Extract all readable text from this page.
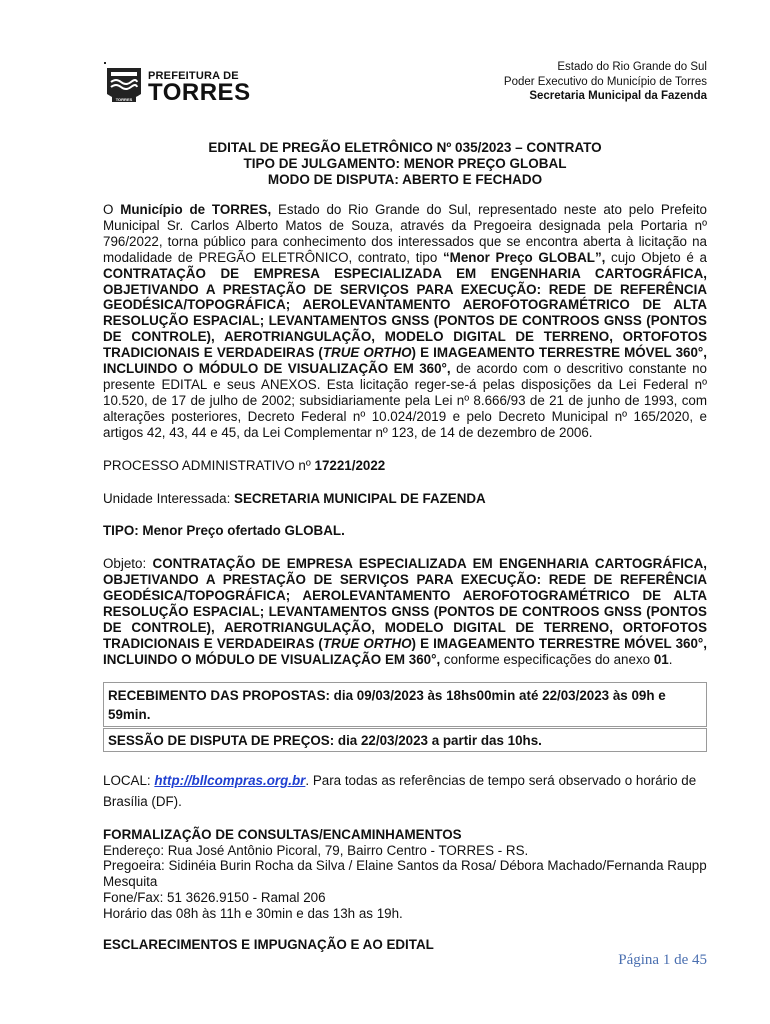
TORRES
PREFEITURA DE
TORRES
Estado do Rio Grande do Sul
Poder Executivo do Município de Torres
Secretaria Municipal da Fazenda
EDITAL DE PREGÃO ELETRÔNICO Nº 035/2023 – CONTRATO
TIPO DE JULGAMENTO: MENOR PREÇO GLOBAL
MODO DE DISPUTA: ABERTO E FECHADO

O Município de TORRES, Estado do Rio Grande do Sul, representado neste ato pelo Prefeito Municipal Sr. Carlos Alberto Matos de Souza, através da Pregoeira designada pela Portaria nº 796/2022, torna público para conhecimento dos interessados que se encontra aberta à licitação na modalidade de PREGÃO ELETRÔNICO, contrato, tipo “Menor Preço GLOBAL”, cujo Objeto é a CONTRATAÇÃO DE EMPRESA ESPECIALIZADA EM ENGENHARIA CARTOGRÁFICA, OBJETIVANDO A PRESTAÇÃO DE SERVIÇOS PARA EXECUÇÃO: REDE DE REFERÊNCIA GEODÉSICA/TOPOGRÁFICA; AEROLEVANTAMENTO AEROFOTOGRAMÉTRICO DE ALTA RESOLUÇÃO ESPACIAL; LEVANTAMENTOS GNSS (PONTOS DE CONTROOS GNSS (PONTOS DE CONTROLE), AEROTRIANGULAÇÃO, MODELO DIGITAL DE TERRENO, ORTOFOTOS TRADICIONAIS E VERDADEIRAS (TRUE ORTHO) E IMAGEAMENTO TERRESTRE MÓVEL 360°, INCLUINDO O MÓDULO DE VISUALIZAÇÃO EM 360°, de acordo com o descritivo constante no presente EDITAL e seus ANEXOS. Esta licitação reger-se-á pelas disposições da Lei Federal nº 10.520, de 17 de julho de 2002; subsidiariamente pela Lei nº 8.666/93 de 21 de junho de 1993, com alterações posteriores, Decreto Federal nº 10.024/2019 e pelo Decreto Municipal nº 165/2020, e artigos 42, 43, 44 e 45, da Lei Complementar nº 123, de 14 de dezembro de 2006.

PROCESSO ADMINISTRATIVO nº 17221/2022

Unidade Interessada: SECRETARIA MUNICIPAL DE FAZENDA

TIPO: Menor Preço ofertado GLOBAL.

Objeto: CONTRATAÇÃO DE EMPRESA ESPECIALIZADA EM ENGENHARIA CARTOGRÁFICA, OBJETIVANDO A PRESTAÇÃO DE SERVIÇOS PARA EXECUÇÃO: REDE DE REFERÊNCIA GEODÉSICA/TOPOGRÁFICA; AEROLEVANTAMENTO AEROFOTOGRAMÉTRICO DE ALTA RESOLUÇÃO ESPACIAL; LEVANTAMENTOS GNSS (PONTOS DE CONTROOS GNSS (PONTOS DE CONTROLE), AEROTRIANGULAÇÃO, MODELO DIGITAL DE TERRENO, ORTOFOTOS TRADICIONAIS E VERDADEIRAS (TRUE ORTHO) E IMAGEAMENTO TERRESTRE MÓVEL 360°, INCLUINDO O MÓDULO DE VISUALIZAÇÃO EM 360°, conforme especificações do anexo 01.

RECEBIMENTO DAS PROPOSTAS: dia 09/03/2023 às 18hs00min até 22/03/2023 às 09h e 59min.
SESSÃO DE DISPUTA DE PREÇOS: dia 22/03/2023 a partir das 10hs.

LOCAL: http://bllcompras.org.br. Para todas as referências de tempo será observado o horário de Brasília (DF).

FORMALIZAÇÃO DE CONSULTAS/ENCAMINHAMENTOS

Endereço: Rua José Antônio Picoral, 79, Bairro Centro - TORRES - RS.

Pregoeira: Sidinéia Burin Rocha da Silva / Elaine Santos da Rosa/ Débora Machado/Fernanda Raupp Mesquita

Fone/Fax: 51 3626.9150 - Ramal 206

Horário das 08h às 11h e 30min e das 13h as 19h.

ESCLARECIMENTOS E IMPUGNAÇÃO E AO EDITAL

Página 1 de 45
